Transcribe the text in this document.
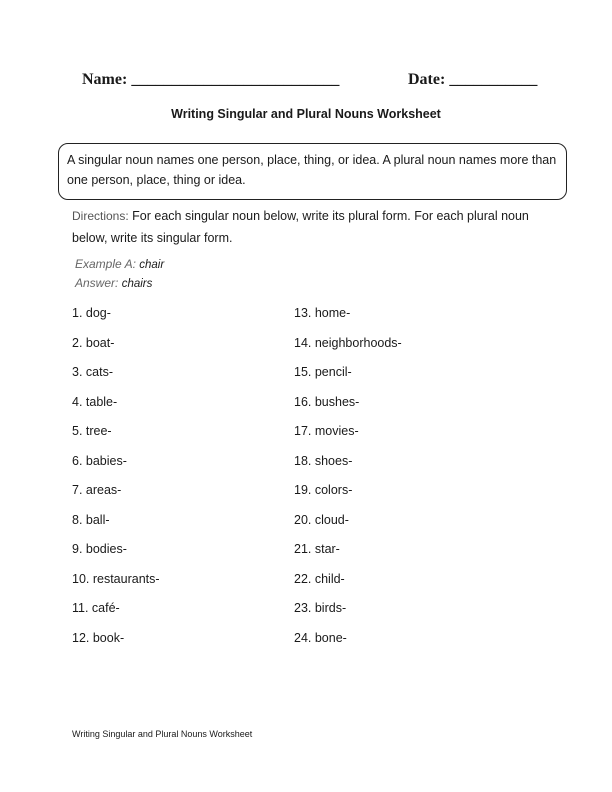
Name: __________________________	Date: ___________
Writing Singular and Plural Nouns Worksheet
A singular noun names one person, place, thing, or idea. A plural noun names more than one person, place, thing or idea.
Directions: For each singular noun below, write its plural form. For each plural noun below, write its singular form.
Example A: chair
Answer: chairs
1. dog-
2. boat-
3. cats-
4. table-
5. tree-
6. babies-
7. areas-
8. ball-
9. bodies-
10. restaurants-
11. café-
12. book-
13. home-
14. neighborhoods-
15. pencil-
16. bushes-
17. movies-
18. shoes-
19. colors-
20. cloud-
21. star-
22. child-
23. birds-
24. bone-
Writing Singular and Plural Nouns Worksheet
